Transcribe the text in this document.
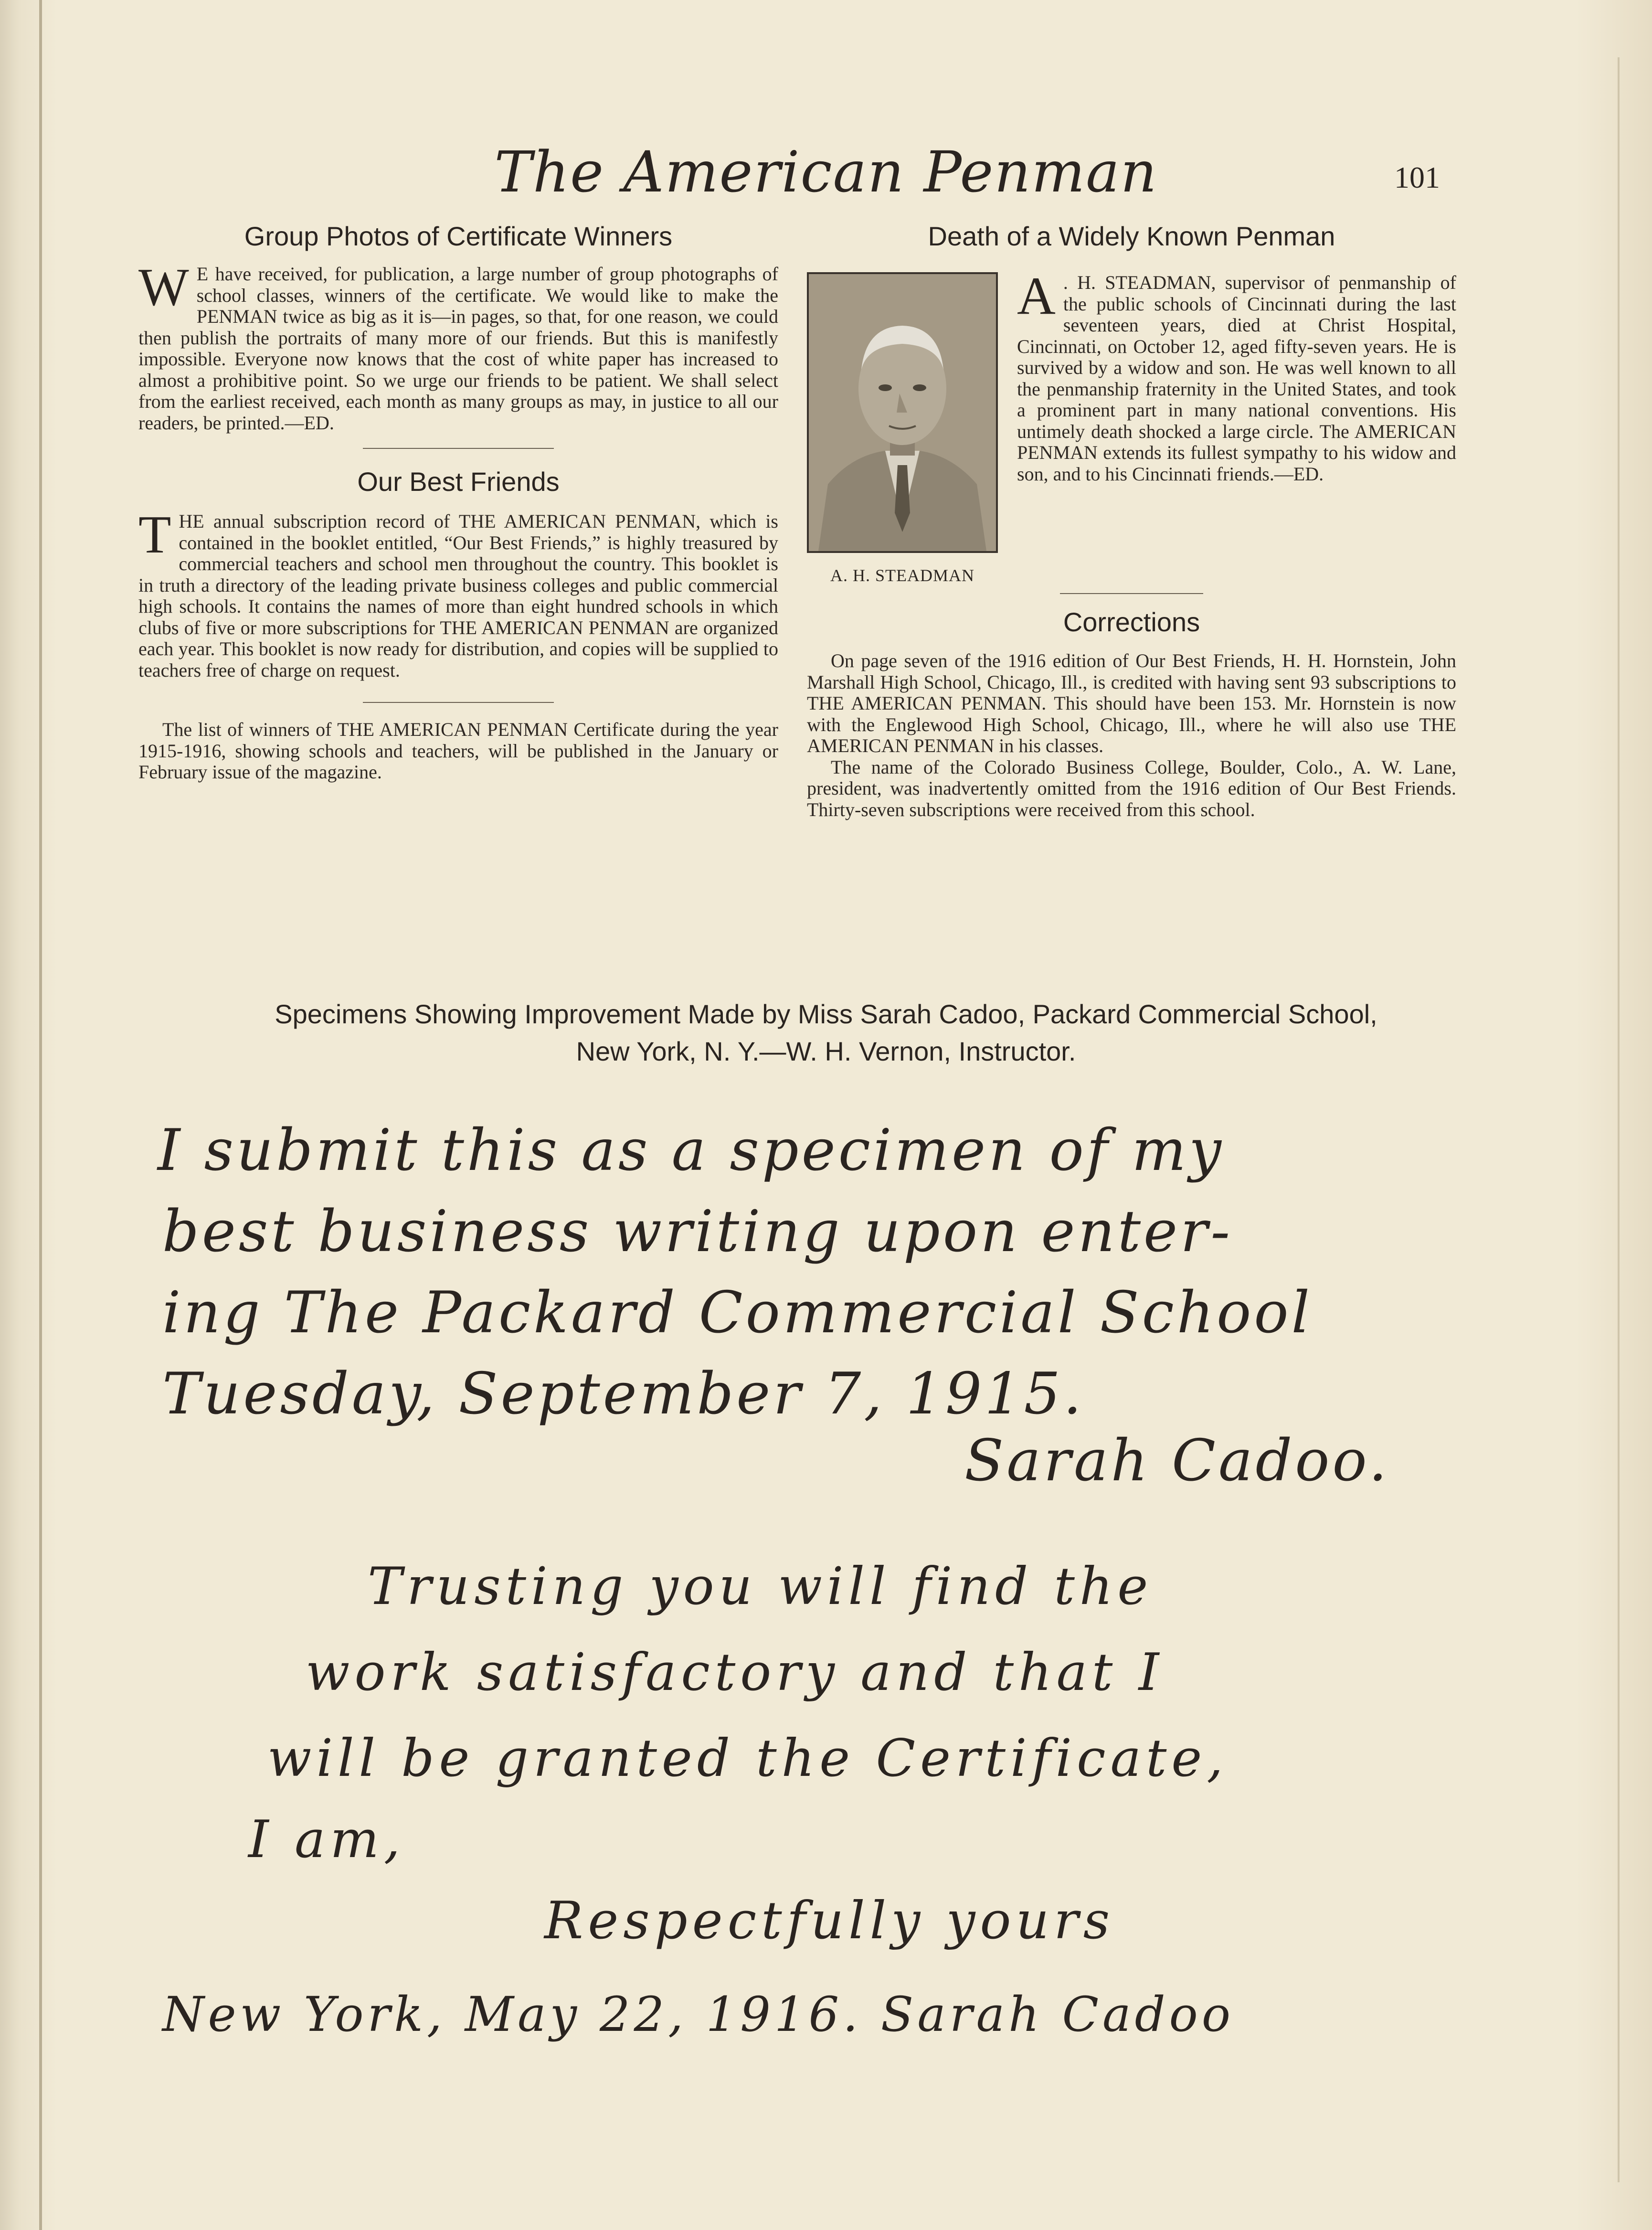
The American Penman	101
Group Photos of Certificate Winners

W E have received, for publication, a large number of group photographs of school classes, winners of the certificate. We would like to make the PENMAN twice as big as it is—in pages, so that, for one reason, we could then publish the portraits of many more of our friends. But this is manifestly impossible. Everyone now knows that the cost of white paper has increased to almost a prohibitive point. So we urge our friends to be patient. We shall select from the earliest received, each month as many groups as may, in justice to all our readers, be printed.—ED.

Our Best Friends

THE annual subscription record of THE AMERICAN PENMAN, which is contained in the booklet entitled, “Our Best Friends,” is highly treasured by commercial teachers and school men throughout the country. This booklet is in truth a directory of the leading private business colleges and public commercial high schools. It contains the names of more than eight hundred schools in which clubs of five or more subscriptions for THE AMERICAN PENMAN are organized each year. This booklet is now ready for distribution, and copies will be supplied to teachers free of charge on request.

The list of winners of THE AMERICAN PENMAN Certificate during the year 1915-1916, showing schools and teachers, will be published in the January or February issue of the magazine.

Death of a Widely Known Penman
A. H. STEADMAN

A . H. STEADMAN, supervisor of penmanship of the public schools of Cincinnati during the last seventeen years, died at Christ Hospital, Cincinnati, on October 12, aged fifty-seven years. He is survived by a widow and son. He was well known to all the penmanship fraternity in the United States, and took a prominent part in many national conventions. His untimely death shocked a large circle. The AMERICAN PENMAN extends its fullest sympathy to his widow and son, and to his Cincinnati friends.—ED.

Corrections

On page seven of the 1916 edition of Our Best Friends, H. H. Hornstein, John Marshall High School, Chicago, Ill., is credited with having sent 93 subscriptions to THE AMERICAN PENMAN. This should have been 153. Mr. Hornstein is now with the Englewood High School, Chicago, Ill., where he will also use THE AMERICAN PENMAN in his classes.

The name of the Colorado Business College, Boulder, Colo., A. W. Lane, president, was inadvertently omitted from the 1916 edition of Our Best Friends. Thirty-seven subscriptions were received from this school.

Specimens Showing Improvement Made by Miss Sarah Cadoo, Packard Commercial School,
New York, N. Y.—W. H. Vernon, Instructor.
I submit this as a specimen of my
best business writing upon enter-
ing The Packard Commercial School
Tuesday, September 7, 1915.
Sarah Cadoo.
Trusting you will find the
work satisfactory and that I
will be granted the Certificate,
I am,
Respectfully yours
New York, May 22, 1916. Sarah Cadoo
